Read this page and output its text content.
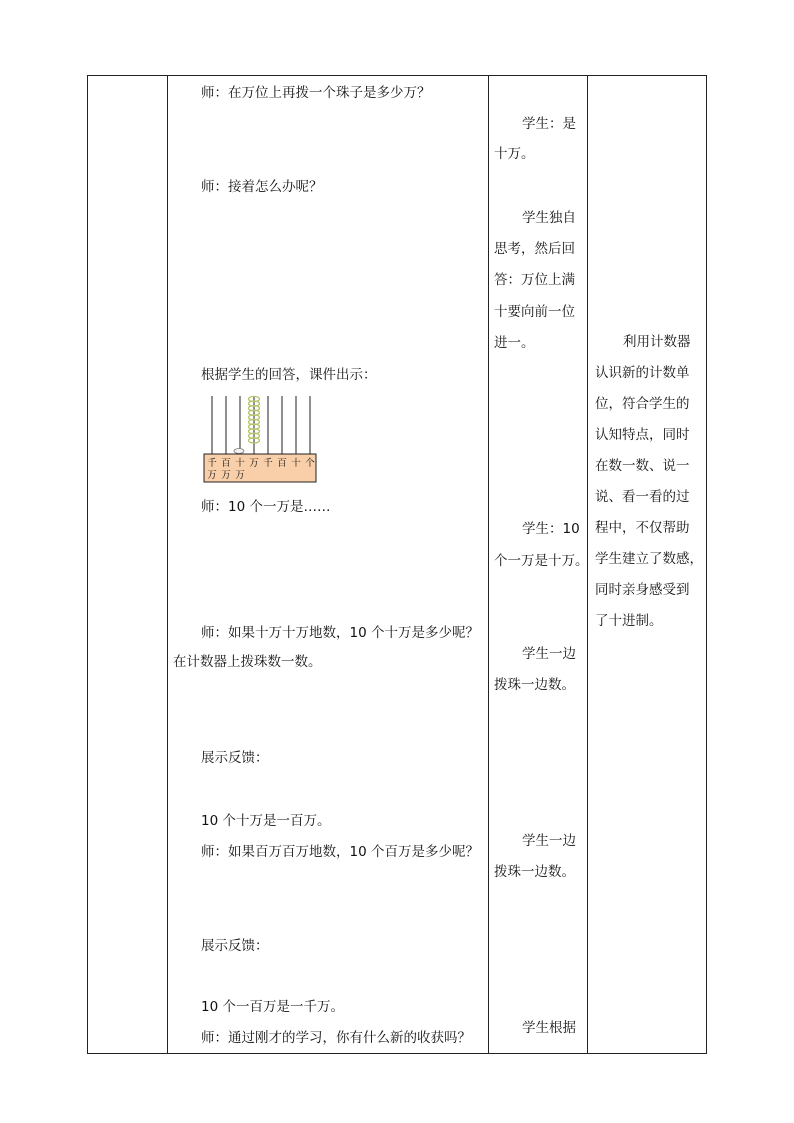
师：在万位上再拨一个珠子是多少万？
师：接着怎么办呢？
根据学生的回答，课件出示：
千 百 十 万 千 百 十 个
万 万 万
师：10 个一万是……
师：如果十万十万地数，10 个十万是多少呢？
在计数器上拨珠数一数。
展示反馈：
10 个十万是一百万。
师：如果百万百万地数，10 个百万是多少呢？
展示反馈：
10 个一百万是一千万。
师：通过刚才的学习，你有什么新的收获吗？
学生：是
十万。
学生独自
思考，然后回
答：万位上满
十要向前一位
进一。
学生：10
个一万是十万。
学生一边
拨珠一边数。
学生一边
拨珠一边数。
学生根据
利用计数器
认识新的计数单
位，符合学生的
认知特点，同时
在数一数、说一
说、看一看的过
程中，不仅帮助
学生建立了数感，
同时亲身感受到
了十进制。
